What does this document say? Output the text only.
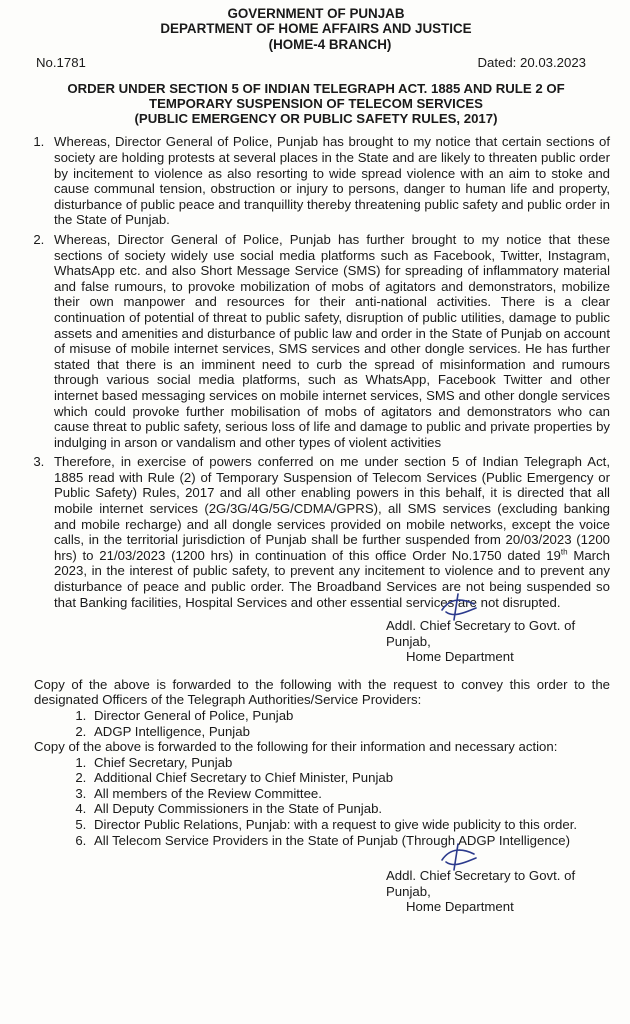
GOVERNMENT OF PUNJAB
DEPARTMENT OF HOME AFFAIRS AND JUSTICE
(HOME-4 BRANCH)
No.1781	Dated: 20.03.2023
ORDER UNDER SECTION 5 OF INDIAN TELEGRAPH ACT. 1885 AND RULE 2 OF
TEMPORARY SUSPENSION OF TELECOM SERVICES
(PUBLIC EMERGENCY OR PUBLIC SAFETY RULES, 2017)
1. Whereas, Director General of Police, Punjab has brought to my notice that certain sections of society are holding protests at several places in the State and are likely to threaten public order by incitement to violence as also resorting to wide spread violence with an aim to stoke and cause communal tension, obstruction or injury to persons, danger to human life and property, disturbance of public peace and tranquillity thereby threatening public safety and public order in the State of Punjab.
2. Whereas, Director General of Police, Punjab has further brought to my notice that these sections of society widely use social media platforms such as Facebook, Twitter, Instagram, WhatsApp etc. and also Short Message Service (SMS) for spreading of inflammatory material and false rumours, to provoke mobilization of mobs of agitators and demonstrators, mobilize their own manpower and resources for their anti-national activities. There is a clear continuation of potential of threat to public safety, disruption of public utilities, damage to public assets and amenities and disturbance of public law and order in the State of Punjab on account of misuse of mobile internet services, SMS services and other dongle services. He has further stated that there is an imminent need to curb the spread of misinformation and rumours through various social media platforms, such as WhatsApp, Facebook Twitter and other internet based messaging services on mobile internet services, SMS and other dongle services which could provoke further mobilisation of mobs of agitators and demonstrators who can cause threat to public safety, serious loss of life and damage to public and private properties by indulging in arson or vandalism and other types of violent activities
3. Therefore, in exercise of powers conferred on me under section 5 of Indian Telegraph Act, 1885 read with Rule (2) of Temporary Suspension of Telecom Services (Public Emergency or Public Safety) Rules, 2017 and all other enabling powers in this behalf, it is directed that all mobile internet services (2G/3G/4G/5G/CDMA/GPRS), all SMS services (excluding banking and mobile recharge) and all dongle services provided on mobile networks, except the voice calls, in the territorial jurisdiction of Punjab shall be further suspended from 20/03/2023 (1200 hrs) to 21/03/2023 (1200 hrs) in continuation of this office Order No.1750 dated 19th March 2023, in the interest of public safety, to prevent any incitement to violence and to prevent any disturbance of peace and public order. The Broadband Services are not being suspended so that Banking facilities, Hospital Services and other essential services are not disrupted.
Addl. Chief Secretary to Govt. of Punjab,
Home Department
Copy of the above is forwarded to the following with the request to convey this order to the designated Officers of the Telegraph Authorities/Service Providers:
1. Director General of Police, Punjab
2. ADGP Intelligence, Punjab
Copy of the above is forwarded to the following for their information and necessary action:
1. Chief Secretary, Punjab
2. Additional Chief Secretary to Chief Minister, Punjab
3. All members of the Review Committee.
4. All Deputy Commissioners in the State of Punjab.
5. Director Public Relations, Punjab: with a request to give wide publicity to this order.
6. All Telecom Service Providers in the State of Punjab (Through ADGP Intelligence)
Addl. Chief Secretary to Govt. of Punjab,
Home Department
